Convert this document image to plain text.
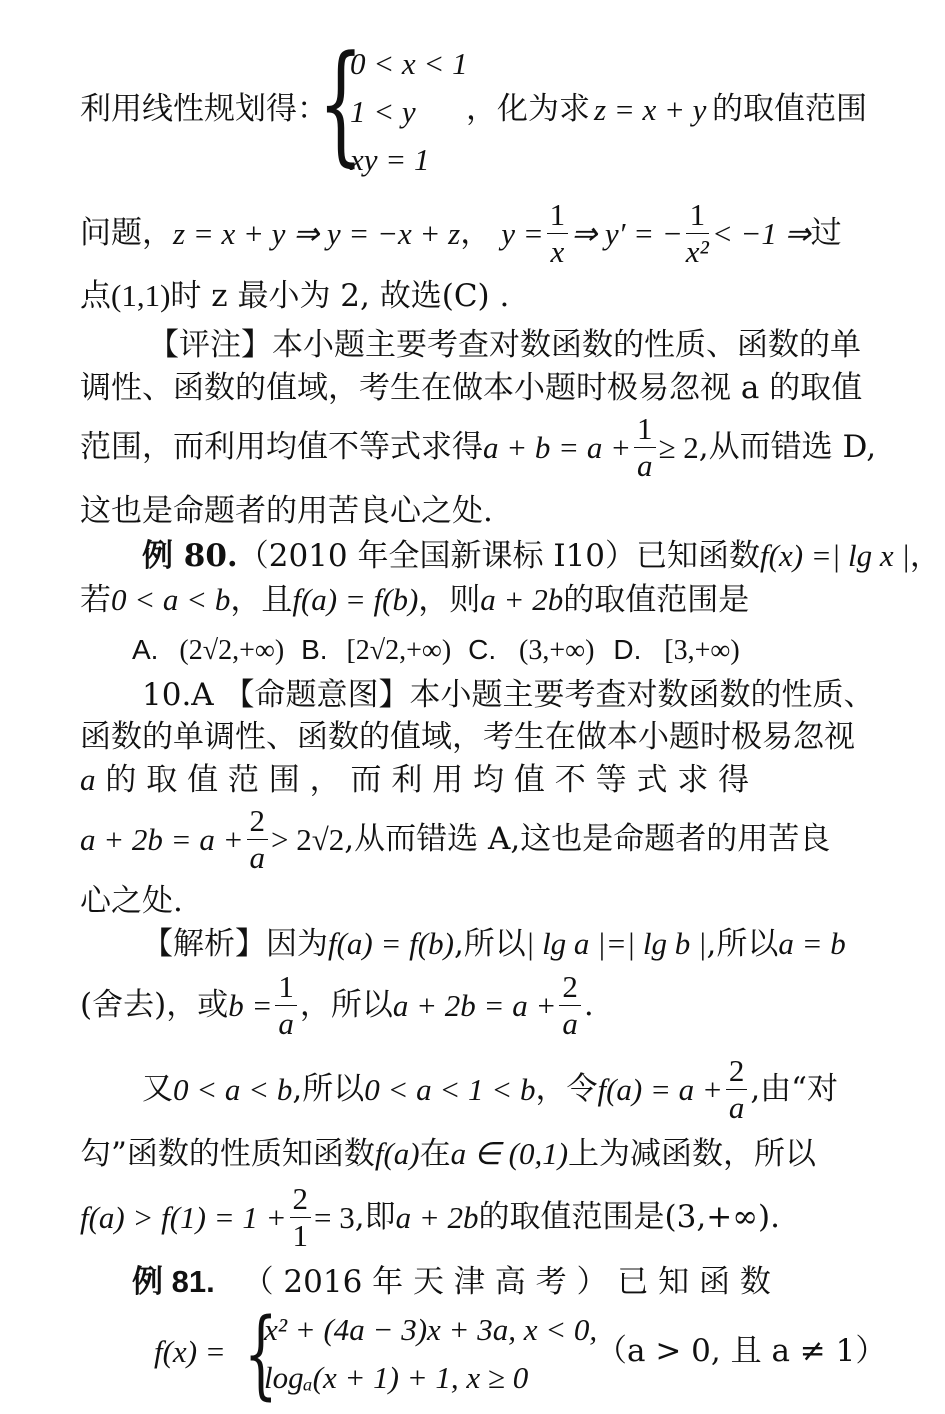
利用线性规划得：
{
0 < x < 1
1 < y
xy = 1
，化为求 z = x + y 的取值范围
问题， z = x + y ⇒ y = −x + z ， $y = \frac{1}{x}$ ⇒ y′ = − $\frac{1}{\text{x²}} < -1$ ⇒ 过
点(1,1)时 z 最小为 2, 故选(C) .
【评注】本小题主要考查对数函数的性质、函数的单
调性、函数的值域，考生在做本小题时极易忽视 a 的取值
范围，而利用均值不等式求得 $a + b = a + \frac{1}{a} \ge 2$ ,从而错选 D,
这也是命题者的用苦良心之处.
例 80.（2010 年全国新课标 I10）已知函数f(x) =| lg x |，
若0 < a < b，且f(a) = f(b)，则a + 2b的取值范围是
A. (2√2,+∞) B. [2√2,+∞) C. (3,+∞) D. [3,+∞)
10.A 【命题意图】本小题主要考查对数函数的性质、
函数的单调性、函数的值域，考生在做本小题时极易忽视
a 的 取 值 范 围 ， 而 利 用 均 值 不 等 式 求 得
$a + 2b = a + \frac{2}{a} > 2√2$ ,从而错选 A,这也是命题者的用苦良
心之处.
【解析】因为f(a) = f(b),所以| lg a |=| lg b |,所以a = b
(舍去)，或 $b = \frac{1}{a}$ ，所以 $a + 2b = a + \frac{2}{a}$ .
又 0 < a < b ,所以 0 < a < 1 < b ，令 $f(a) = a + \frac{2}{a}$ ,由“对
勾”函数的性质知函数f(a)在a ∈ (0,1)上为减函数，所以
$f(a) > f(1) = 1 + \frac{2}{1} = 3$ ,即 a + 2b 的取值范围是(3,+∞).
例 81. （ 2016 年 天 津 高 考 ） 已 知 函 数
f(x) = {
x² + (4a − 3)x + 3a, x < 0,
logₐ(x + 1) + 1, x ≥ 0
（a > 0, 且 a ≠ 1）
